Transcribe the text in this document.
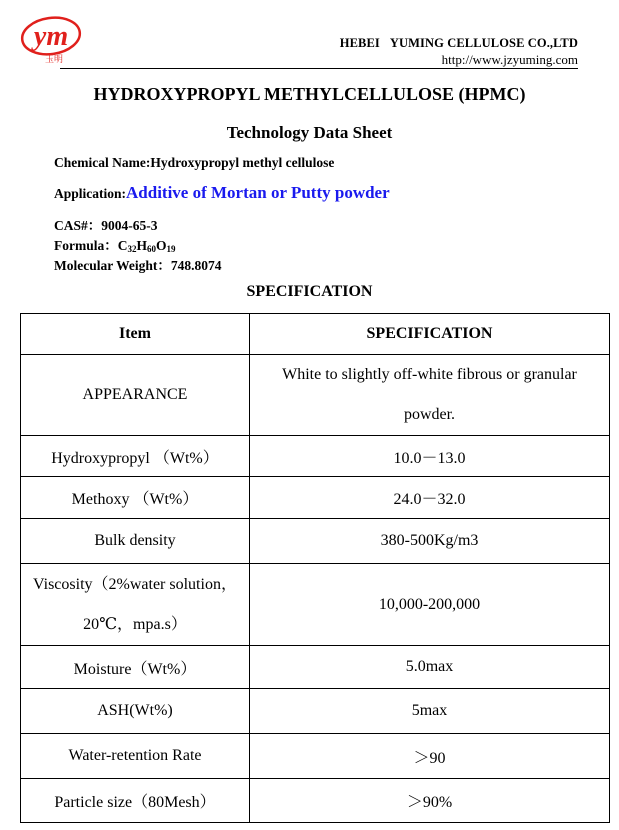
ym
玉明
HEBEI YUMING CELLULOSE CO.,LTD
http://www.jzyuming.com
HYDROXYPROPYL METHYLCELLULOSE (HPMC)
Technology Data Sheet
Chemical Name:Hydroxypropyl methyl cellulose
Application:Additive of Mortan or Putty powder
CAS#：9004-65-3
Formula：$C_{32}H_{60}O_{19}$
Molecular Weight：748.8074
SPECIFICATION
Item	SPECIFICATION
APPEARANCE	White to slightly off-white fibrous or granular powder.
Hydroxypropyl （Wt%）	10.0－13.0
Methoxy （Wt%）	24.0－32.0
Bulk density	380-500Kg/m3
Viscosity（2%water solution，20℃，mpa.s）	10,000-200,000
Moisture（Wt%）	5.0max
ASH(Wt%)	5max
Water-retention Rate	＞90
Particle size（80Mesh）	＞90%
